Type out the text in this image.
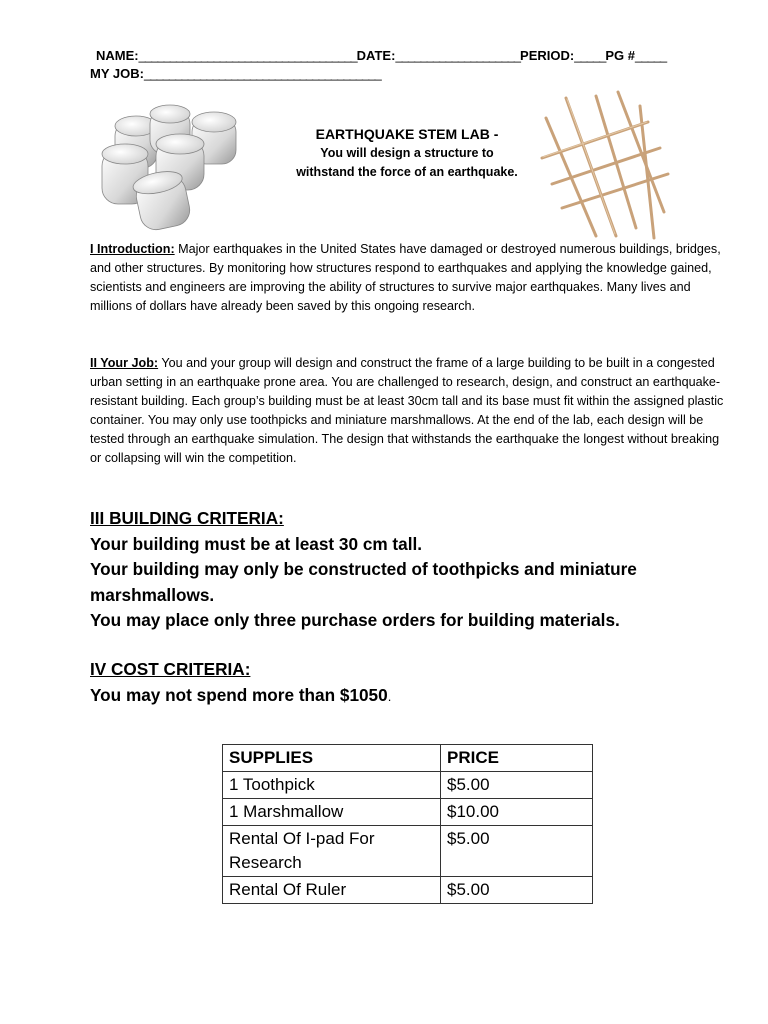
NAME:___________________________________DATE:____________________PERIOD:_____PG #_____
MY JOB:______________________________________
EARTHQUAKE STEM LAB -
You will design a structure to
withstand the force of an earthquake.
I Introduction: Major earthquakes in the United States have damaged or destroyed numerous buildings, bridges, and other structures. By monitoring how structures respond to earthquakes and applying the knowledge gained, scientists and engineers are improving the ability of structures to survive major earthquakes. Many lives and millions of dollars have already been saved by this ongoing research.
II Your Job: You and your group will design and construct the frame of a large building to be built in a congested urban setting in an earthquake prone area. You are challenged to research, design, and construct an earthquake-resistant building. Each group’s building must be at least 30cm tall and its base must fit within the assigned plastic container. You may only use toothpicks and miniature marshmallows. At the end of the lab, each design will be tested through an earthquake simulation. The design that withstands the earthquake the longest without breaking or collapsing will win the competition.
III BUILDING CRITERIA:
Your building must be at least 30 cm tall.
Your building may only be constructed of toothpicks and miniature marshmallows.
You may place only three purchase orders for building materials.
IV COST CRITERIA:
You may not spend more than $1050.
SUPPLIES	PRICE
1 Toothpick	$5.00
1 Marshmallow	$10.00
Rental Of I-pad For Research	$5.00
Rental Of Ruler	$5.00
